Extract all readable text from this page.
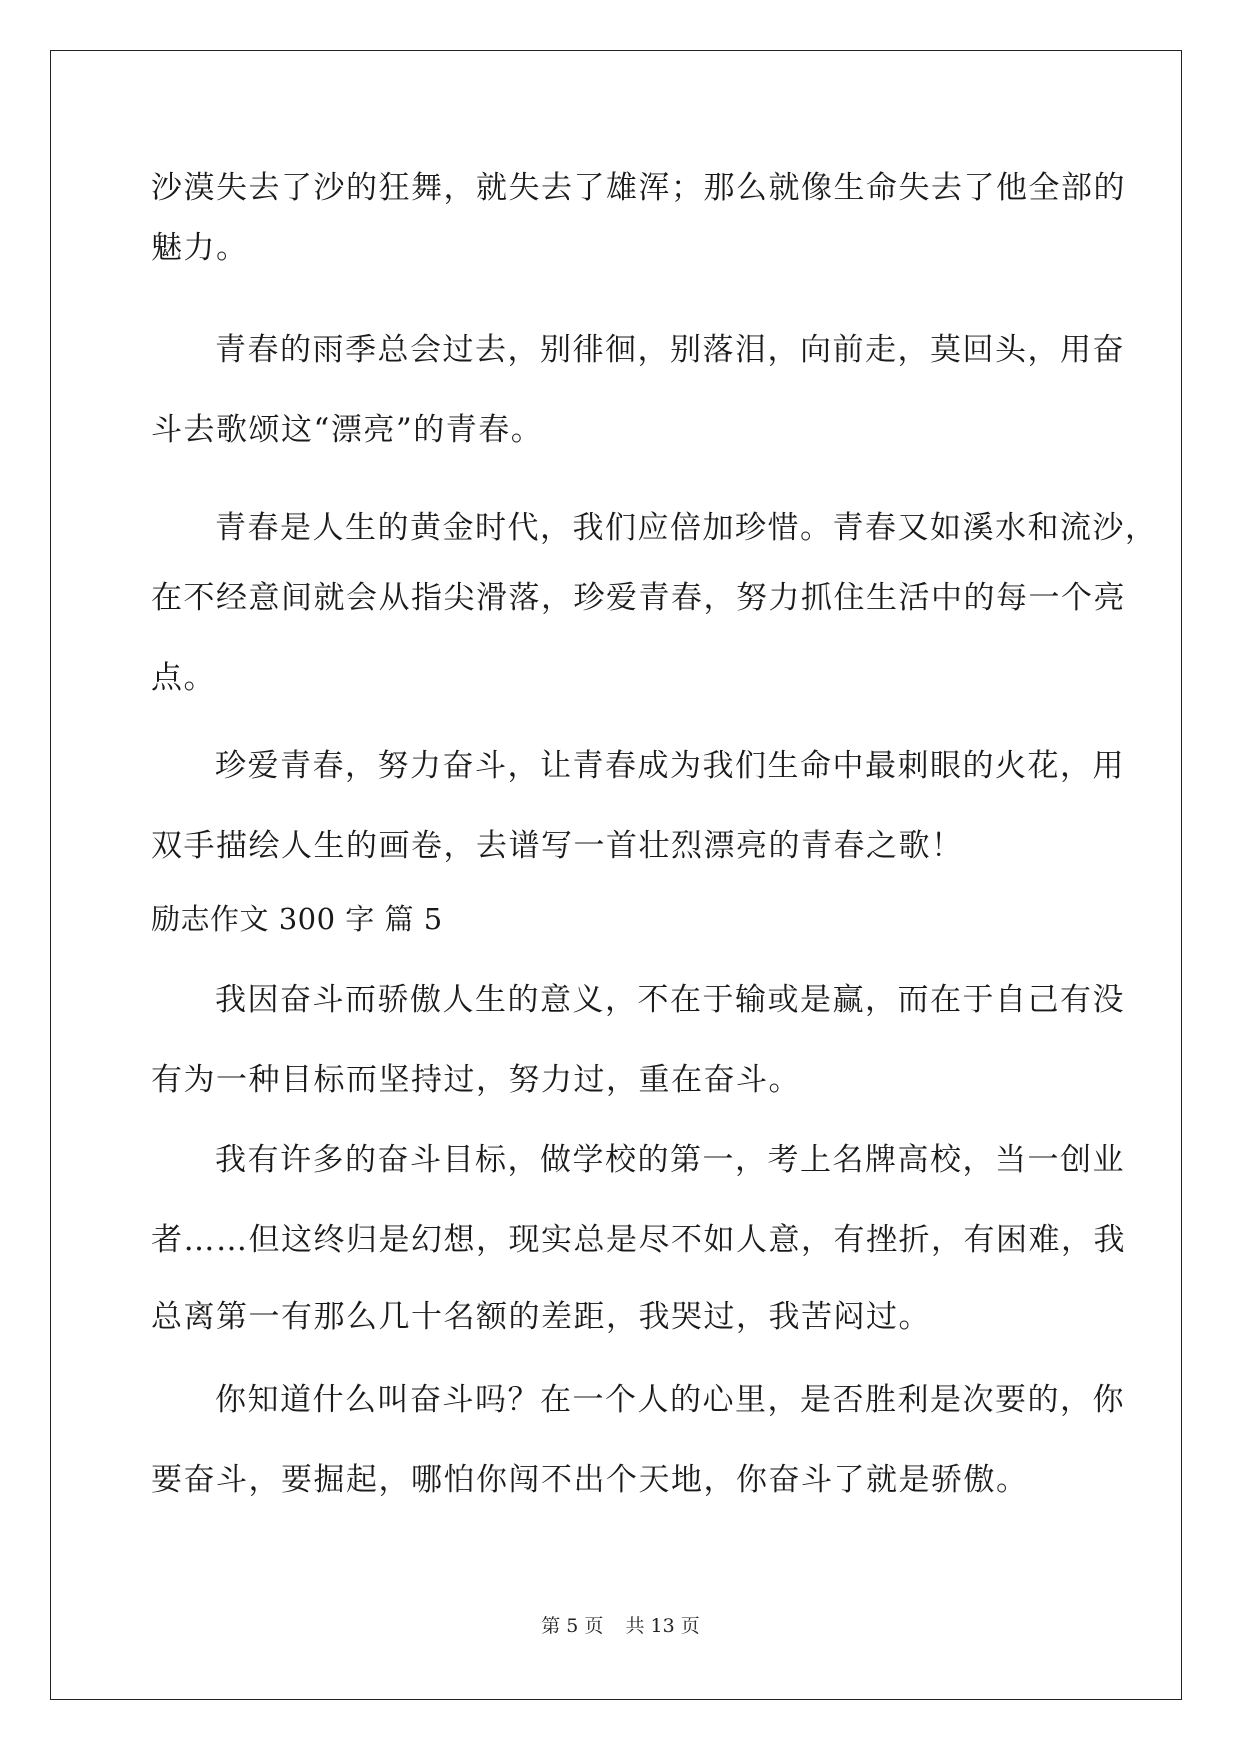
沙漠失去了沙的狂舞，就失去了雄浑；那么就像生命失去了他全部的
魅力。
青春的雨季总会过去，别徘徊，别落泪，向前走，莫回头，用奋
斗去歌颂这“漂亮”的青春。
青春是人生的黄金时代，我们应倍加珍惜。青春又如溪水和流沙，
在不经意间就会从指尖滑落，珍爱青春，努力抓住生活中的每一个亮
点。
珍爱青春，努力奋斗，让青春成为我们生命中最刺眼的火花，用
双手描绘人生的画卷，去谱写一首壮烈漂亮的青春之歌！
励志作文 300 字 篇 5
我因奋斗而骄傲人生的意义，不在于输或是赢，而在于自己有没
有为一种目标而坚持过，努力过，重在奋斗。
我有许多的奋斗目标，做学校的第一，考上名牌高校，当一创业
者……但这终归是幻想，现实总是尽不如人意，有挫折，有困难，我
总离第一有那么几十名额的差距，我哭过，我苦闷过。
你知道什么叫奋斗吗？在一个人的心里，是否胜利是次要的，你
要奋斗，要掘起，哪怕你闯不出个天地，你奋斗了就是骄傲。
第 5 页 共 13 页
